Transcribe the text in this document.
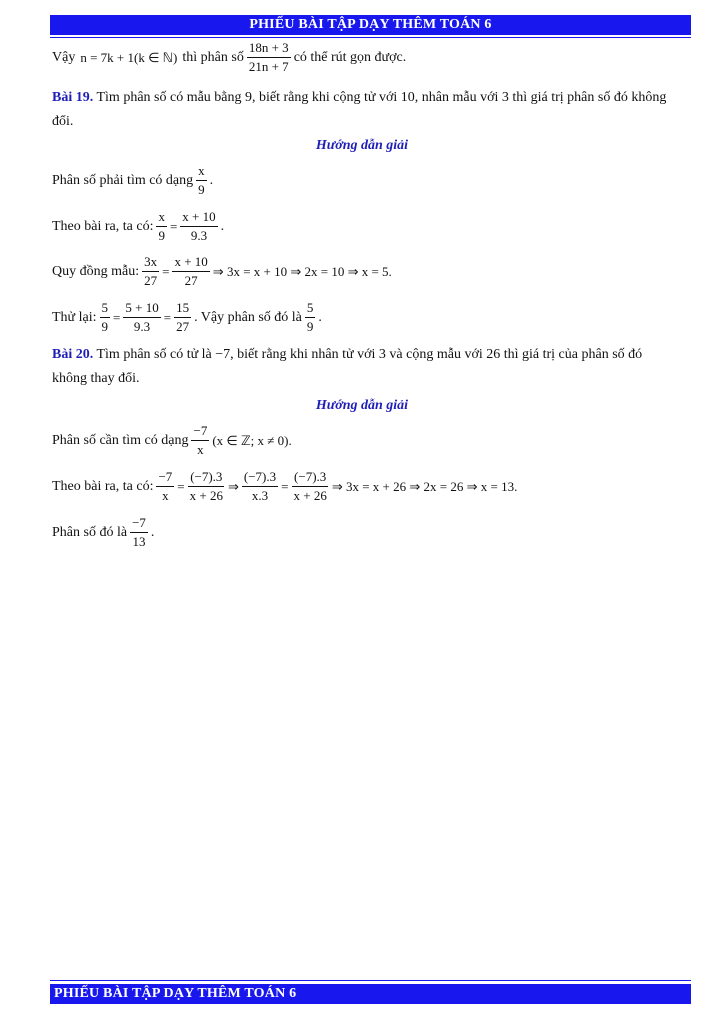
PHIẾU BÀI TẬP DẠY THÊM TOÁN 6
Vậy n = 7k + 1(k ∈ ℕ) thì phân số $\frac{18n + 3}{21n + 7}$ có thể rút gọn được.
Bài 19. Tìm phân số có mẫu bằng 9, biết rằng khi cộng tử với 10, nhân mẫu với 3 thì giá trị phân số đó không đổi.
Hướng dẫn giải
Phân số phải tìm có dạng $\frac{x}{9}$ .
Theo bài ra, ta có: $\frac{x}{9} = \frac{x + 10}{9.3}$ .
Quy đồng mẫu: $\frac{3x}{27} = \frac{x + 10}{27}$ ⇒ 3x = x + 10 ⇒ 2x = 10 ⇒ x = 5.
Thử lại: $\frac{5}{9} = \frac{5 + 10}{9.3} = \frac{15}{27}$ . Vậy phân số đó là $\frac{5}{9}$ .
Bài 20. Tìm phân số có tử là −7, biết rằng khi nhân tử với 3 và cộng mẫu với 26 thì giá trị của phân số đó không thay đổi.
Hướng dẫn giải
Phân số cần tìm có dạng $\frac{-7}{x} (x$ ∈ ℤ; x ≠ 0).
Theo bài ra, ta có: $\frac{-7}{x} = \frac{(-7).3}{x + 26}$ ⇒ $\frac{(-7).3}{x.3} = \frac{(-7).3}{x + 26}$ ⇒ 3x = x + 26 ⇒ 2x = 26 ⇒ x = 13.
Phân số đó là $\frac{-7}{13}$ .
PHIẾU BÀI TẬP DẠY THÊM TOÁN 6
